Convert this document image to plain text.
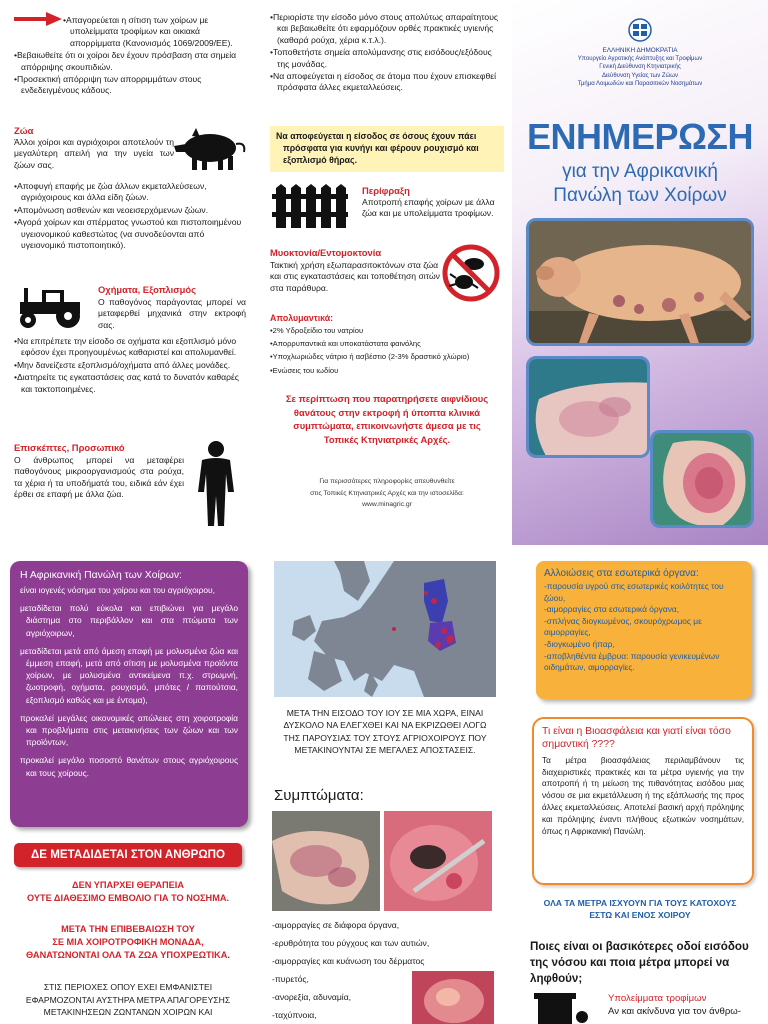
• Απαγορεύεται η σίτιση των χοίρων με υπολείμματα τροφίμων και οικιακά απορρίμματα (Κανονισμός 1069/2009/ΕΕ).
• Βεβαιωθείτε ότι οι χοίροι δεν έχουν πρόσβαση στα σημεία απόρριψης σκουπιδιών.
• Προσεκτική απόρριψη των απορριμμάτων στους ενδεδειγμένους κάδους.
Ζώα
Άλλοι χοίροι και αγριόχοιροι αποτελούν τη μεγαλύτερη απειλή για την υγεία των ζώων σας.
• Αποφυγή επαφής με ζώα άλλων εκμεταλλεύσεων, αγριόχοιρους και άλλα είδη ζώων.
• Απομόνωση ασθενών και νεοεισερχόμενων ζώων.
• Αγορά χοίρων και σπέρματος γνωστού και πιστοποιημένου υγειονομικού καθεστώτος (να συνοδεύονται από υγειονομικό πιστοποιητικό).
Οχήματα, Εξοπλισμός
Ο παθογόνος παράγοντας μπορεί να μεταφερθεί μηχανικά στην εκτροφή σας.
• Να επιτρέπετε την είσοδο σε οχήματα και εξοπλισμό μόνο εφόσον έχει προηγουμένως καθαριστεί και απολυμανθεί.
• Μην δανείζεστε εξοπλισμό/οχήματα από άλλες μονάδες.
• Διατηρείτε τις εγκαταστάσεις σας κατά το δυνατόν καθαρές και τακτοποιημένες.
Επισκέπτες, Προσωπικό
Ο άνθρωπος μπορεί να μεταφέρει παθογόνους μικροοργανισμούς στα ρούχα, τα χέρια ή τα υποδήματά του, ειδικά εάν έχει έρθει σε επαφή με άλλα ζώα.
• Περιορίστε την είσοδο μόνο στους απολύτως απαραίτητους και βεβαιωθείτε ότι εφαρμόζουν ορθές πρακτικές υγιεινής (καθαρά ρούχα, χέρια κ.τ.λ.).
• Τοποθετήστε σημεία απολύμανσης στις εισόδους/εξόδους της μονάδας.
• Να αποφεύγεται η είσοδος σε άτομα που έχουν επισκεφθεί πρόσφατα άλλες εκμεταλλεύσεις.
Να αποφεύγεται η είσοδος σε όσους έχουν πάει πρόσφατα για κυνήγι και φέρουν ρουχισμό και εξοπλισμό θήρας.
Περίφραξη
Αποτροπή επαφής χοίρων με άλλα ζώα και με υπολείμματα τροφίμων.
Μυοκτονία/Εντομοκτονία
Τακτική χρήση εξωπαρασιτοκτόνων στα ζώα και στις εγκαταστάσεις και τοποθέτηση σιτών στα παράθυρα.
Απολυμαντικά:
• 2% Υδροξείδιο του νατρίου
• Απορρυπαντικά και υποκατάστατα φαινόλης
• Υποχλωριώδες νάτριο ή ασβέστιο (2-3% δραστικό χλώριο)
• Ενώσεις του ιωδίου
Σε περίπτωση που παρατηρήσετε αιφνίδιους θανάτους στην εκτροφή ή ύποπτα κλινικά συμπτώματα, επικοινωνήστε άμεσα με τις Τοπικές Κτηνιατρικές Αρχές.
Για περισσότερες πληροφορίες απευθυνθείτε
στις Τοπικές Κτηνιατρικές Αρχές και την ιστοσελίδα:
www.minagric.gr
ΕΛΛΗΝΙΚΗ ΔΗΜΟΚΡΑΤΙΑ
Υπουργείο Αγροτικής Ανάπτυξης και Τροφίμων
Γενική Διεύθυνση Κτηνιατρικής
Διεύθυνση Υγείας των Ζώων
Τμήμα Λοιμωδών και Παρασιτικών Νοσημάτων
ΕΝΗΜΕΡΩΣΗ
για την Αφρικανική
Πανώλη των Χοίρων
Η Αφρικανική Πανώλη των Χοίρων:
είναι ιογενές νόσημα του χοίρου και του αγριόχοιρου,
μεταδίδεται πολύ εύκολα και επιβιώνει για μεγάλο διάστημα στο περιβάλλον και στα πτώματα των αγριόχοιρων,
μεταδίδεται μετά από άμεση επαφή με μολυσμένα ζώα και έμμεση επαφή, μετά από σίτιση με μολυσμένα προϊόντα χοίρων, με μολυσμένα αντικείμενα π.χ. στρωμνή, ζωοτροφή, οχήματα, ρουχισμό, μπότες / παπούτσια, εξοπλισμό καθώς και με έντομα),
προκαλεί μεγάλες οικονομικές απώλειες στη χοιροτροφία και προβλήματα στις μετακινήσεις των ζώων και των προϊόντων,
προκαλεί μεγάλο ποσοστό θανάτων στους αγριόχοιρους και τους χοίρους.
ΔΕ ΜΕΤΑΔΙΔΕΤΑΙ ΣΤΟΝ ΑΝΘΡΩΠΟ
ΔΕΝ ΥΠΑΡΧΕΙ ΘΕΡΑΠΕΙΑ
ΟΥΤΕ ΔΙΑΘΕΣΙΜΟ ΕΜΒΟΛΙΟ ΓΙΑ ΤΟ ΝΟΣΗΜΑ.
ΜΕΤΑ ΤΗΝ ΕΠΙΒΕΒΑΙΩΣΗ ΤΟΥ
ΣΕ ΜΙΑ ΧΟΙΡΟΤΡΟΦΙΚΗ ΜΟΝΑΔΑ,
ΘΑΝΑΤΩΝΟΝΤΑΙ ΟΛΑ ΤΑ ΖΩΑ ΥΠΟΧΡΕΩΤΙΚΑ.
ΣΤΙΣ ΠΕΡΙΟΧΕΣ ΟΠΟΥ ΕΧΕΙ ΕΜΦΑΝΙΣΤΕΙ
ΕΦΑΡΜΟΖΟΝΤΑΙ ΑΥΣΤΗΡΑ ΜΕΤΡΑ ΑΠΑΓΟΡΕΥΣΗΣ
ΜΕΤΑΚΙΝΗΣΕΩΝ ΖΩΝΤΑΝΩΝ ΧΟΙΡΩΝ ΚΑΙ
ΜΕΤΑ ΤΗΝ ΕΙΣΟΔΟ ΤΟΥ ΙΟΥ ΣΕ ΜΙΑ ΧΩΡΑ, ΕΙΝΑΙ ΔΥΣΚΟΛΟ ΝΑ ΕΛΕΓΧΘΕΙ ΚΑΙ ΝΑ ΕΚΡΙΖΩΘΕΙ ΛΟΓΩ ΤΗΣ ΠΑΡΟΥΣΙΑΣ ΤΟΥ ΣΤΟΥΣ ΑΓΡΙΟΧΟΙΡΟΥΣ ΠΟΥ ΜΕΤΑΚΙΝΟΥΝΤΑΙ ΣΕ ΜΕΓΑΛΕΣ ΑΠΟΣΤΑΣΕΙΣ.
Συμπτώματα:
-αιμορραγίες σε διάφορα όργανα,
-ερυθρότητα του ρύγχους και των αυτιών,
-αιμορραγίες και κυάνωση του δέρματος
-πυρετός,
-ανορεξία, αδυναμία,
-ταχύπνοια,
Αλλοιώσεις στα εσωτερικά όργανα:
-παρουσία υγρού στις εσωτερικές κοιλότητες του ζώου,
-αιμορραγίες στα εσωτερικά όργανα,
-σπλήνας διογκωμένος, σκουρόχρωμος με αιμορραγίες,
-διογκωμένο ήπαρ,
-αποβληθέντα έμβρυα: παρουσία γενικευμένων οιδημάτων, αιμορραγίες.
Τι είναι η Βιοασφάλεια και γιατί είναι τόσο σημαντική ????
Τα μέτρα βιοασφάλειας περιλαμβάνουν τις διαχειριστικές πρακτικές και τα μέτρα υγιεινής για την αποτροπή ή τη μείωση της πιθανότητας εισόδου μιας νόσου σε μια εκμετάλλευση ή της εξάπλωσής της προς άλλες εκμεταλλεύσεις. Αποτελεί βασική αρχή πρόληψης και πρόληψης έναντι πλήθους εξωτικών νοσημάτων, όπως η Αφρικανική Πανώλη.
ΟΛΑ ΤΑ ΜΕΤΡΑ ΙΣΧΥΟΥΝ ΓΙΑ ΤΟΥΣ ΚΑΤΟΧΟΥΣ
ΕΣΤΩ ΚΑΙ ΕΝΟΣ ΧΟΙΡΟΥ
Ποιες είναι οι βασικότερες οδοί εισόδου της νόσου και ποια μέτρα μπορεί να ληφθούν;
Υπολείμματα τροφίμων
Αν και ακίνδυνα για τον άνθρω-
